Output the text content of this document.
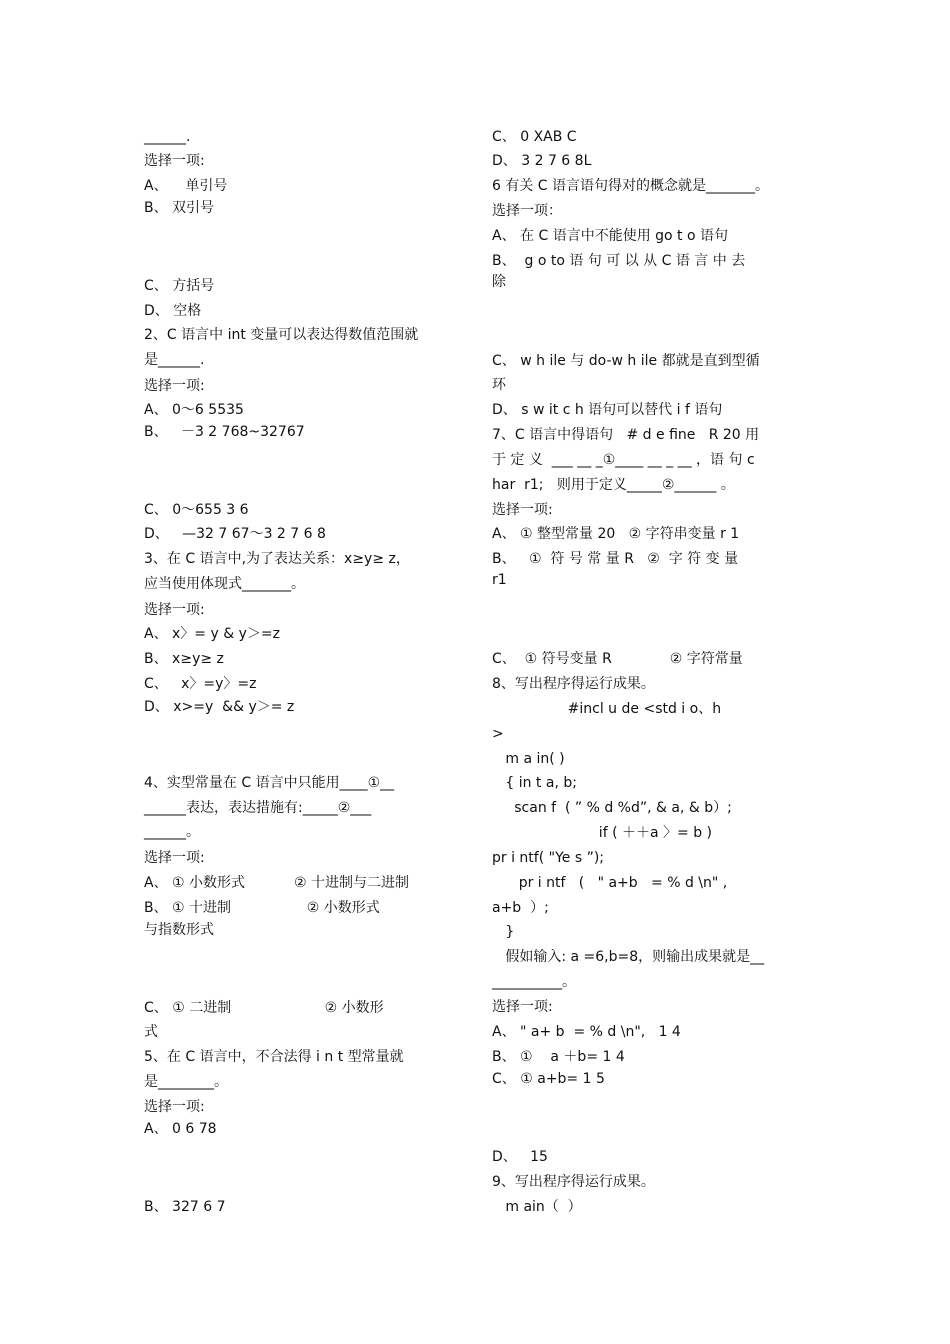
______.
选择一项:
A、    单引号
B、 双引号
C、 方括号
D、 空格
2、C 语言中 int 变量可以表达得数值范围就
是______.
选择一项:
A、 0～6 5535
B、   －3 2 768~32767
C、 0～655 3 6
D、   —32 7 67～3 2 7 6 8
3、在 C 语言中,为了表达关系：x≥y≥ z，
应当使用体现式_______。
选择一项:
A、 x〉= y & y＞=z
B、 x≥y≥ z
C、   x〉=y〉=z
D、 x>=y  && y＞= z
4、实型常量在 C 语言中只能用____①__
______表达，表达措施有:_____②___
______。
选择一项:
A、 ① 小数形式           ② 十进制与二进制
B、 ① 十进制                 ② 小数形式
与指数形式
C、 ① 二进制                     ② 小数形
式
5、在 C 语言中，不合法得 i n t 型常量就
是________。
选择一项:
A、 0 6 78
B、 327 6 7
C、 0 XAB C
D、 3 2 7 6 8L
6 有关 C 语言语句得对的概念就是_______。
选择一项：
A、 在 C 语言中不能使用 go t o 语句
B、  g o to 语 句 可 以 从 C 语 言 中 去
除
C、 w h ile 与 do-w h ile 都就是直到型循
环
D、 s w it c h 语句可以替代 i f 语句
7、C 语言中得语句   # d e fine   R 20 用
于 定 义  ___ __ _①____ __ _ __ ，语 句 c
har  r1;   则用于定义_____②______ 。
选择一项:
A、 ① 整型常量 20   ② 字符串变量 r 1
B、   ①  符 号 常 量 R   ②  字 符 变 量
r1
C、  ① 符号变量 R             ② 字符常量
8、写出程序得运行成果。
#incl u de <std i o、h
>
m a in( )
{ in t a, b;
scan f  ( ” % d %d”, & a, & b）;
if ( ＋＋a 〉= b )
pr i ntf( "Ye s ”);
pr i ntf   (   " a+b   = % d \n" ,
a+b  ）;
}
假如输入: a =6,b=8，则输出成果就是__
__________。
选择一项:
A、 " a+ b  = % d \n",   1 4
B、 ①    a ＋b= 1 4
C、 ① a+b= 1 5
D、   15
9、写出程序得运行成果。
m ain（  ）
